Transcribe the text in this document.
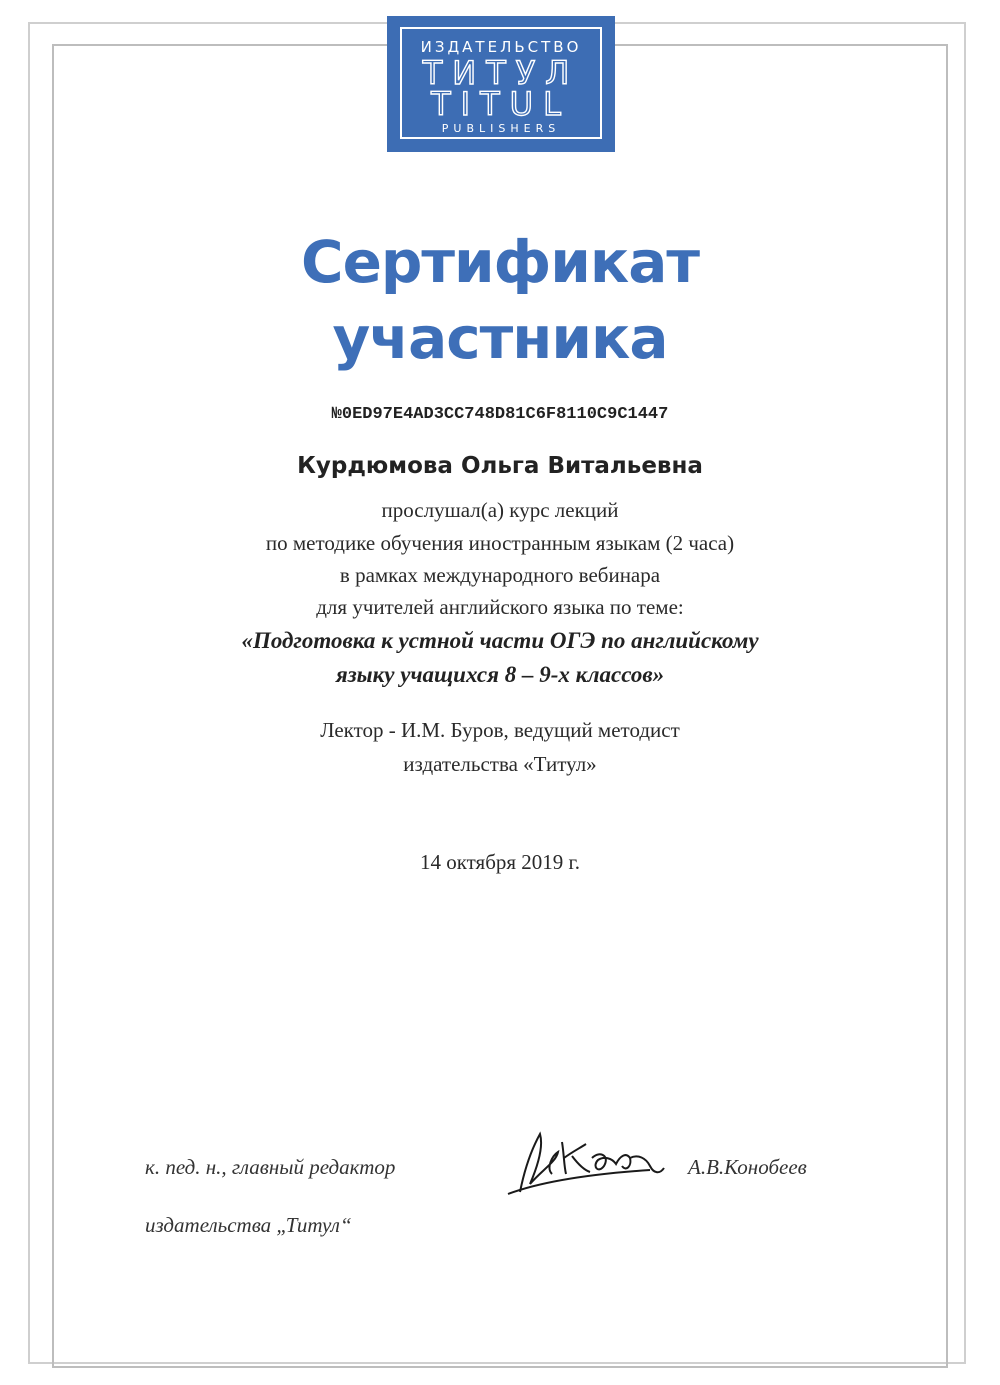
ИЗДАТЕЛЬСТВО
ТИТУЛ
TITUL
PUBLISHERS
Сертификат
участника
№0ED97E4AD3CC748D81C6F8110C9C1447
Курдюмова Ольга Витальевна
прослушал(а) курс лекций
по методике обучения иностранным языкам (2 часа)
в рамках международного вебинара
для учителей английского языка по теме:
«Подготовка к устной части ОГЭ по английскому
языку учащихся 8 – 9-х классов»
Лектор - И.М. Буров, ведущий методист
издательства «Титул»
14 октября 2019 г.
к. пед. н., главный редактор
издательства „Титул“
А.В.Конобеев
